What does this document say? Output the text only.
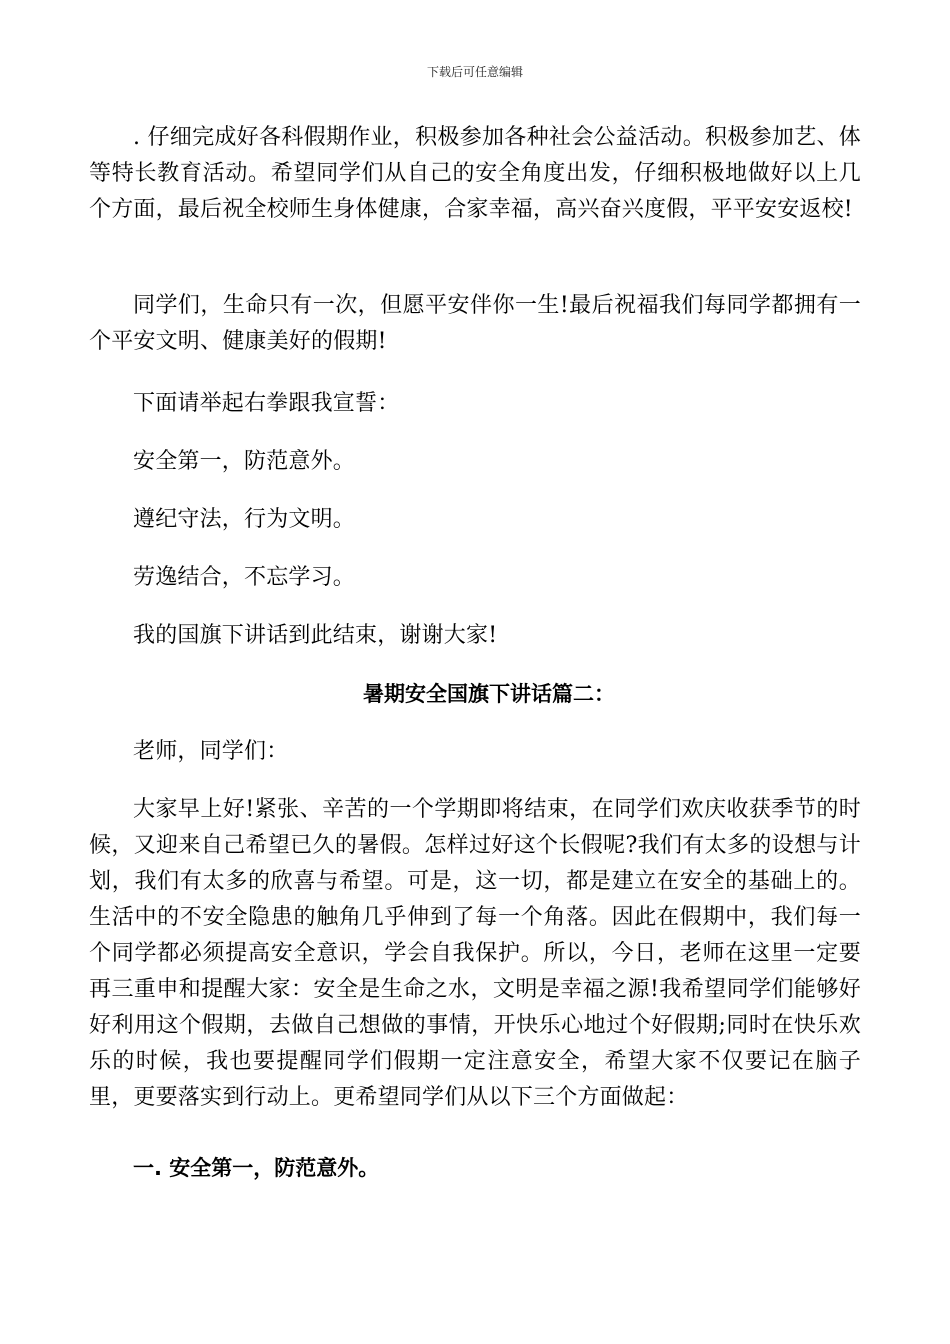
下载后可任意编辑

. 仔细完成好各科假期作业，积极参加各种社会公益活动。积极参加艺、体等特长教育活动。希望同学们从自己的安全角度出发，仔细积极地做好以上几个方面，最后祝全校师生身体健康，合家幸福，高兴奋兴度假，平平安安返校!

同学们，生命只有一次，但愿平安伴你一生!最后祝福我们每同学都拥有一个平安文明、健康美好的假期!

下面请举起右拳跟我宣誓：

安全第一，防范意外。

遵纪守法，行为文明。

劳逸结合，不忘学习。

我的国旗下讲话到此结束，谢谢大家!

暑期安全国旗下讲话篇二：

老师，同学们：

大家早上好!紧张、辛苦的一个学期即将结束，在同学们欢庆收获季节的时候，又迎来自己希望已久的暑假。怎样过好这个长假呢?我们有太多的设想与计划，我们有太多的欣喜与希望。可是，这一切，都是建立在安全的基础上的。生活中的不安全隐患的触角几乎伸到了每一个角落。因此在假期中，我们每一个同学都必须提高安全意识，学会自我保护。所以，今日，老师在这里一定要再三重申和提醒大家：安全是生命之水，文明是幸福之源!我希望同学们能够好好利用这个假期，去做自己想做的事情，开快乐心地过个好假期;同时在快乐欢乐的时候，我也要提醒同学们假期一定注意安全，希望大家不仅要记在脑子里，更要落实到行动上。更希望同学们从以下三个方面做起：

一. 安全第一，防范意外。
